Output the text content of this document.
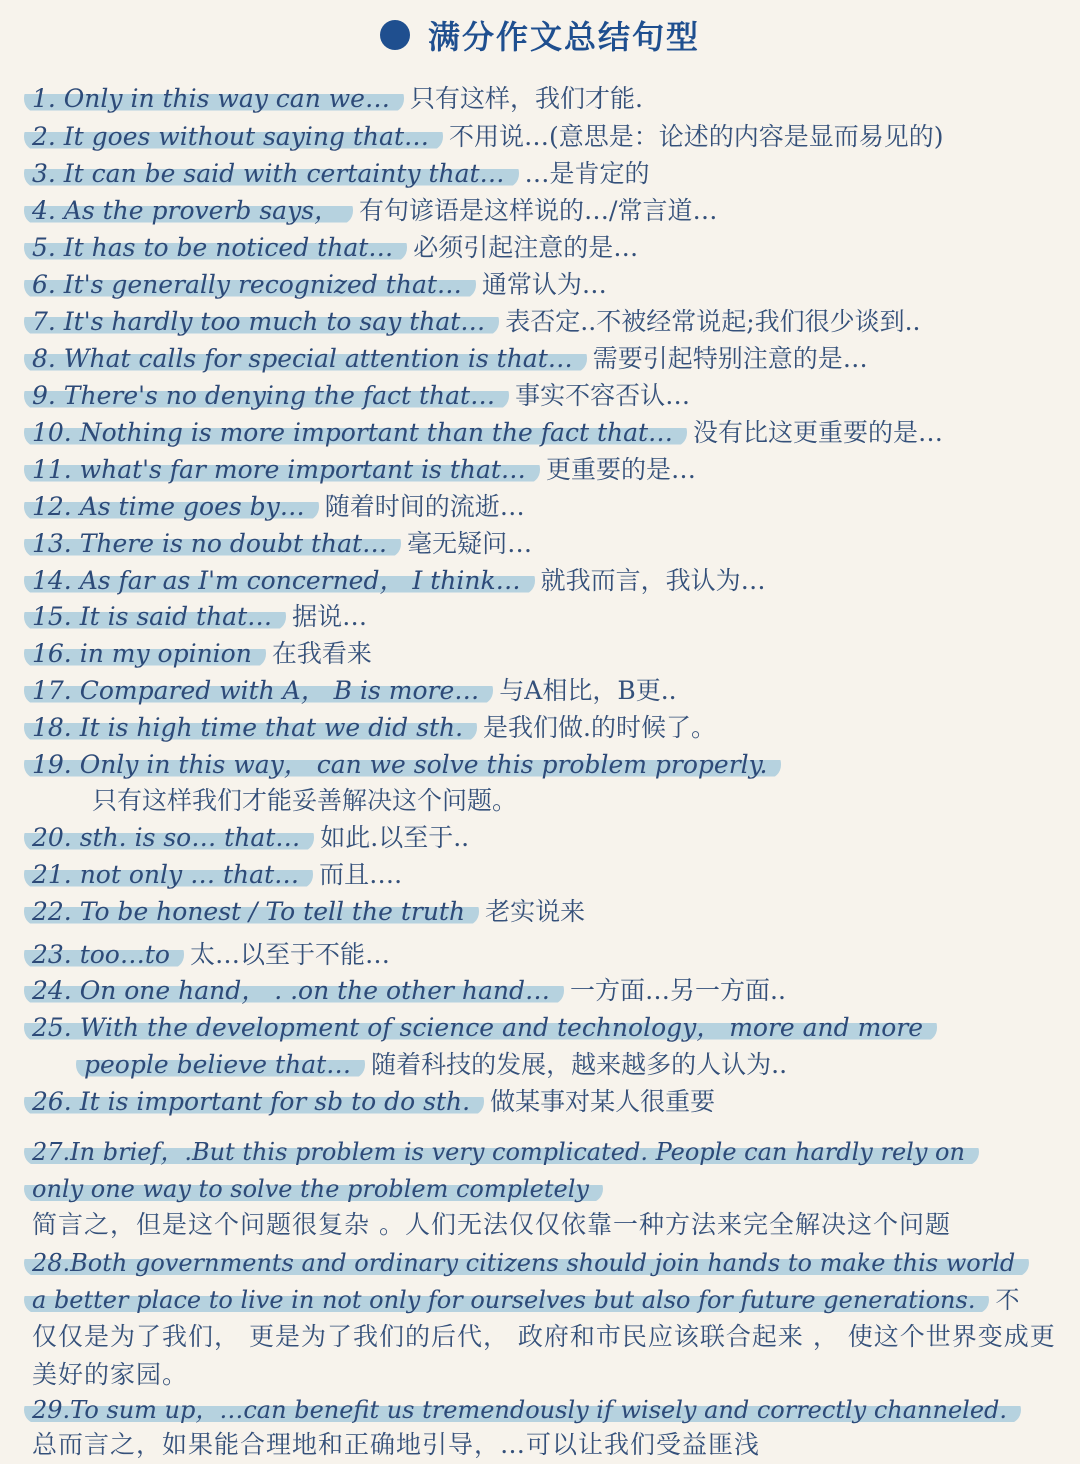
满分作文总结句型
1. Only in this way can we… 只有这样，我们才能.
2. It goes without saying that… 不用说…(意思是：论述的内容是显而易见的)
3. It can be said with certainty that… …是肯定的
4. As the proverb says， 有句谚语是这样说的…/常言道…
5. It has to be noticed that… 必须引起注意的是…
6. It's generally recognized that… 通常认为…
7. It's hardly too much to say that… 表否定..不被经常说起;我们很少谈到..
8. What calls for special attention is that… 需要引起特别注意的是…
9. There's no denying the fact that… 事实不容否认…
10. Nothing is more important than the fact that… 没有比这更重要的是…
11. what's far more important is that… 更重要的是…
12. As time goes by… 随着时间的流逝…
13. There is no doubt that… 毫无疑问…
14. As far as I'm concerned， I think… 就我而言，我认为…
15. It is said that… 据说…
16. in my opinion 在我看来
17. Compared with A， B is more… 与A相比，B更..
18. It is high time that we did sth. 是我们做.的时候了。
19. Only in this way， can we solve this problem properly.
只有这样我们才能妥善解决这个问题。
20. sth. is so… that… 如此.以至于..
21. not only … that… 而且….
22. To be honest / To tell the truth 老实说来
23. too…to 太…以至于不能…
24. On one hand， . .on the other hand… 一方面…另一方面..
25. With the development of science and technology， more and more
people believe that… 随着科技的发展，越来越多的人认为..
26. It is important for sb to do sth. 做某事对某人很重要
27.In brief，.But this problem is very complicated. People can hardly rely on
only one way to solve the problem completely
简言之，但是这个问题很复杂 。人们无法仅仅依靠一种方法来完全解决这个问题
28.Both governments and ordinary citizens should join hands to make this world
a better place to live in not only for ourselves but also for future generations. 不
仅仅是为了我们， 更是为了我们的后代， 政府和市民应该联合起来 ， 使这个世界变成更美好的家园。
29.To sum up，…can benefit us tremendously if wisely and correctly channeled.
总而言之，如果能合理地和正确地引导，…可以让我们受益匪浅
